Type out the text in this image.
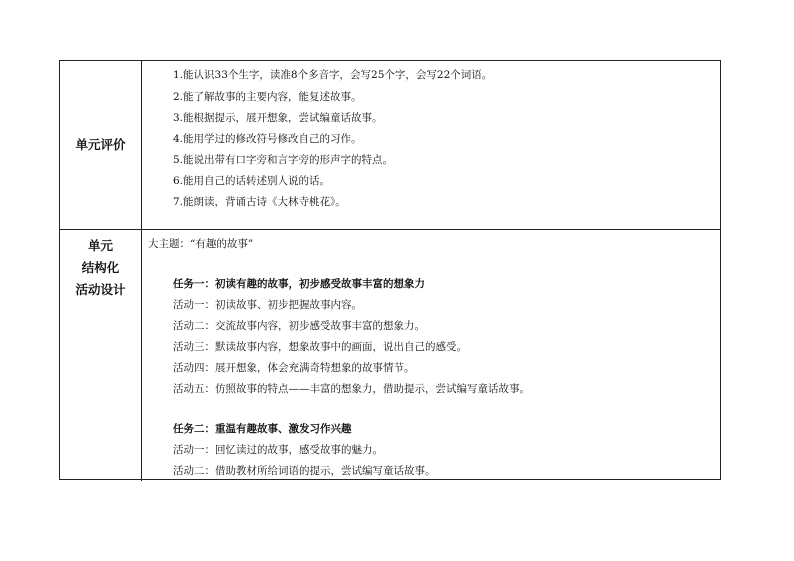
单元评价
1.能认识33个生字，读准8个多音字，会写25个字，会写22个词语。
2.能了解故事的主要内容，能复述故事。
3.能根据提示，展开想象，尝试编童话故事。
4.能用学过的修改符号修改自己的习作。
5.能说出带有口字旁和言字旁的形声字的特点。
6.能用自己的话转述别人说的话。
7.能朗读，背诵古诗《大林寺桃花》。
单元
结构化
活动设计
大主题：“有趣的故事”
任务一：初读有趣的故事，初步感受故事丰富的想象力
活动一：初读故事、初步把握故事内容。
活动二：交流故事内容，初步感受故事丰富的想象力。
活动三：默读故事内容，想象故事中的画面，说出自己的感受。
活动四：展开想象，体会充满奇特想象的故事情节。
活动五：仿照故事的特点——丰富的想象力，借助提示，尝试编写童话故事。
任务二：重温有趣故事、激发习作兴趣
活动一：回忆读过的故事，感受故事的魅力。
活动二：借助教材所给词语的提示，尝试编写童话故事。
